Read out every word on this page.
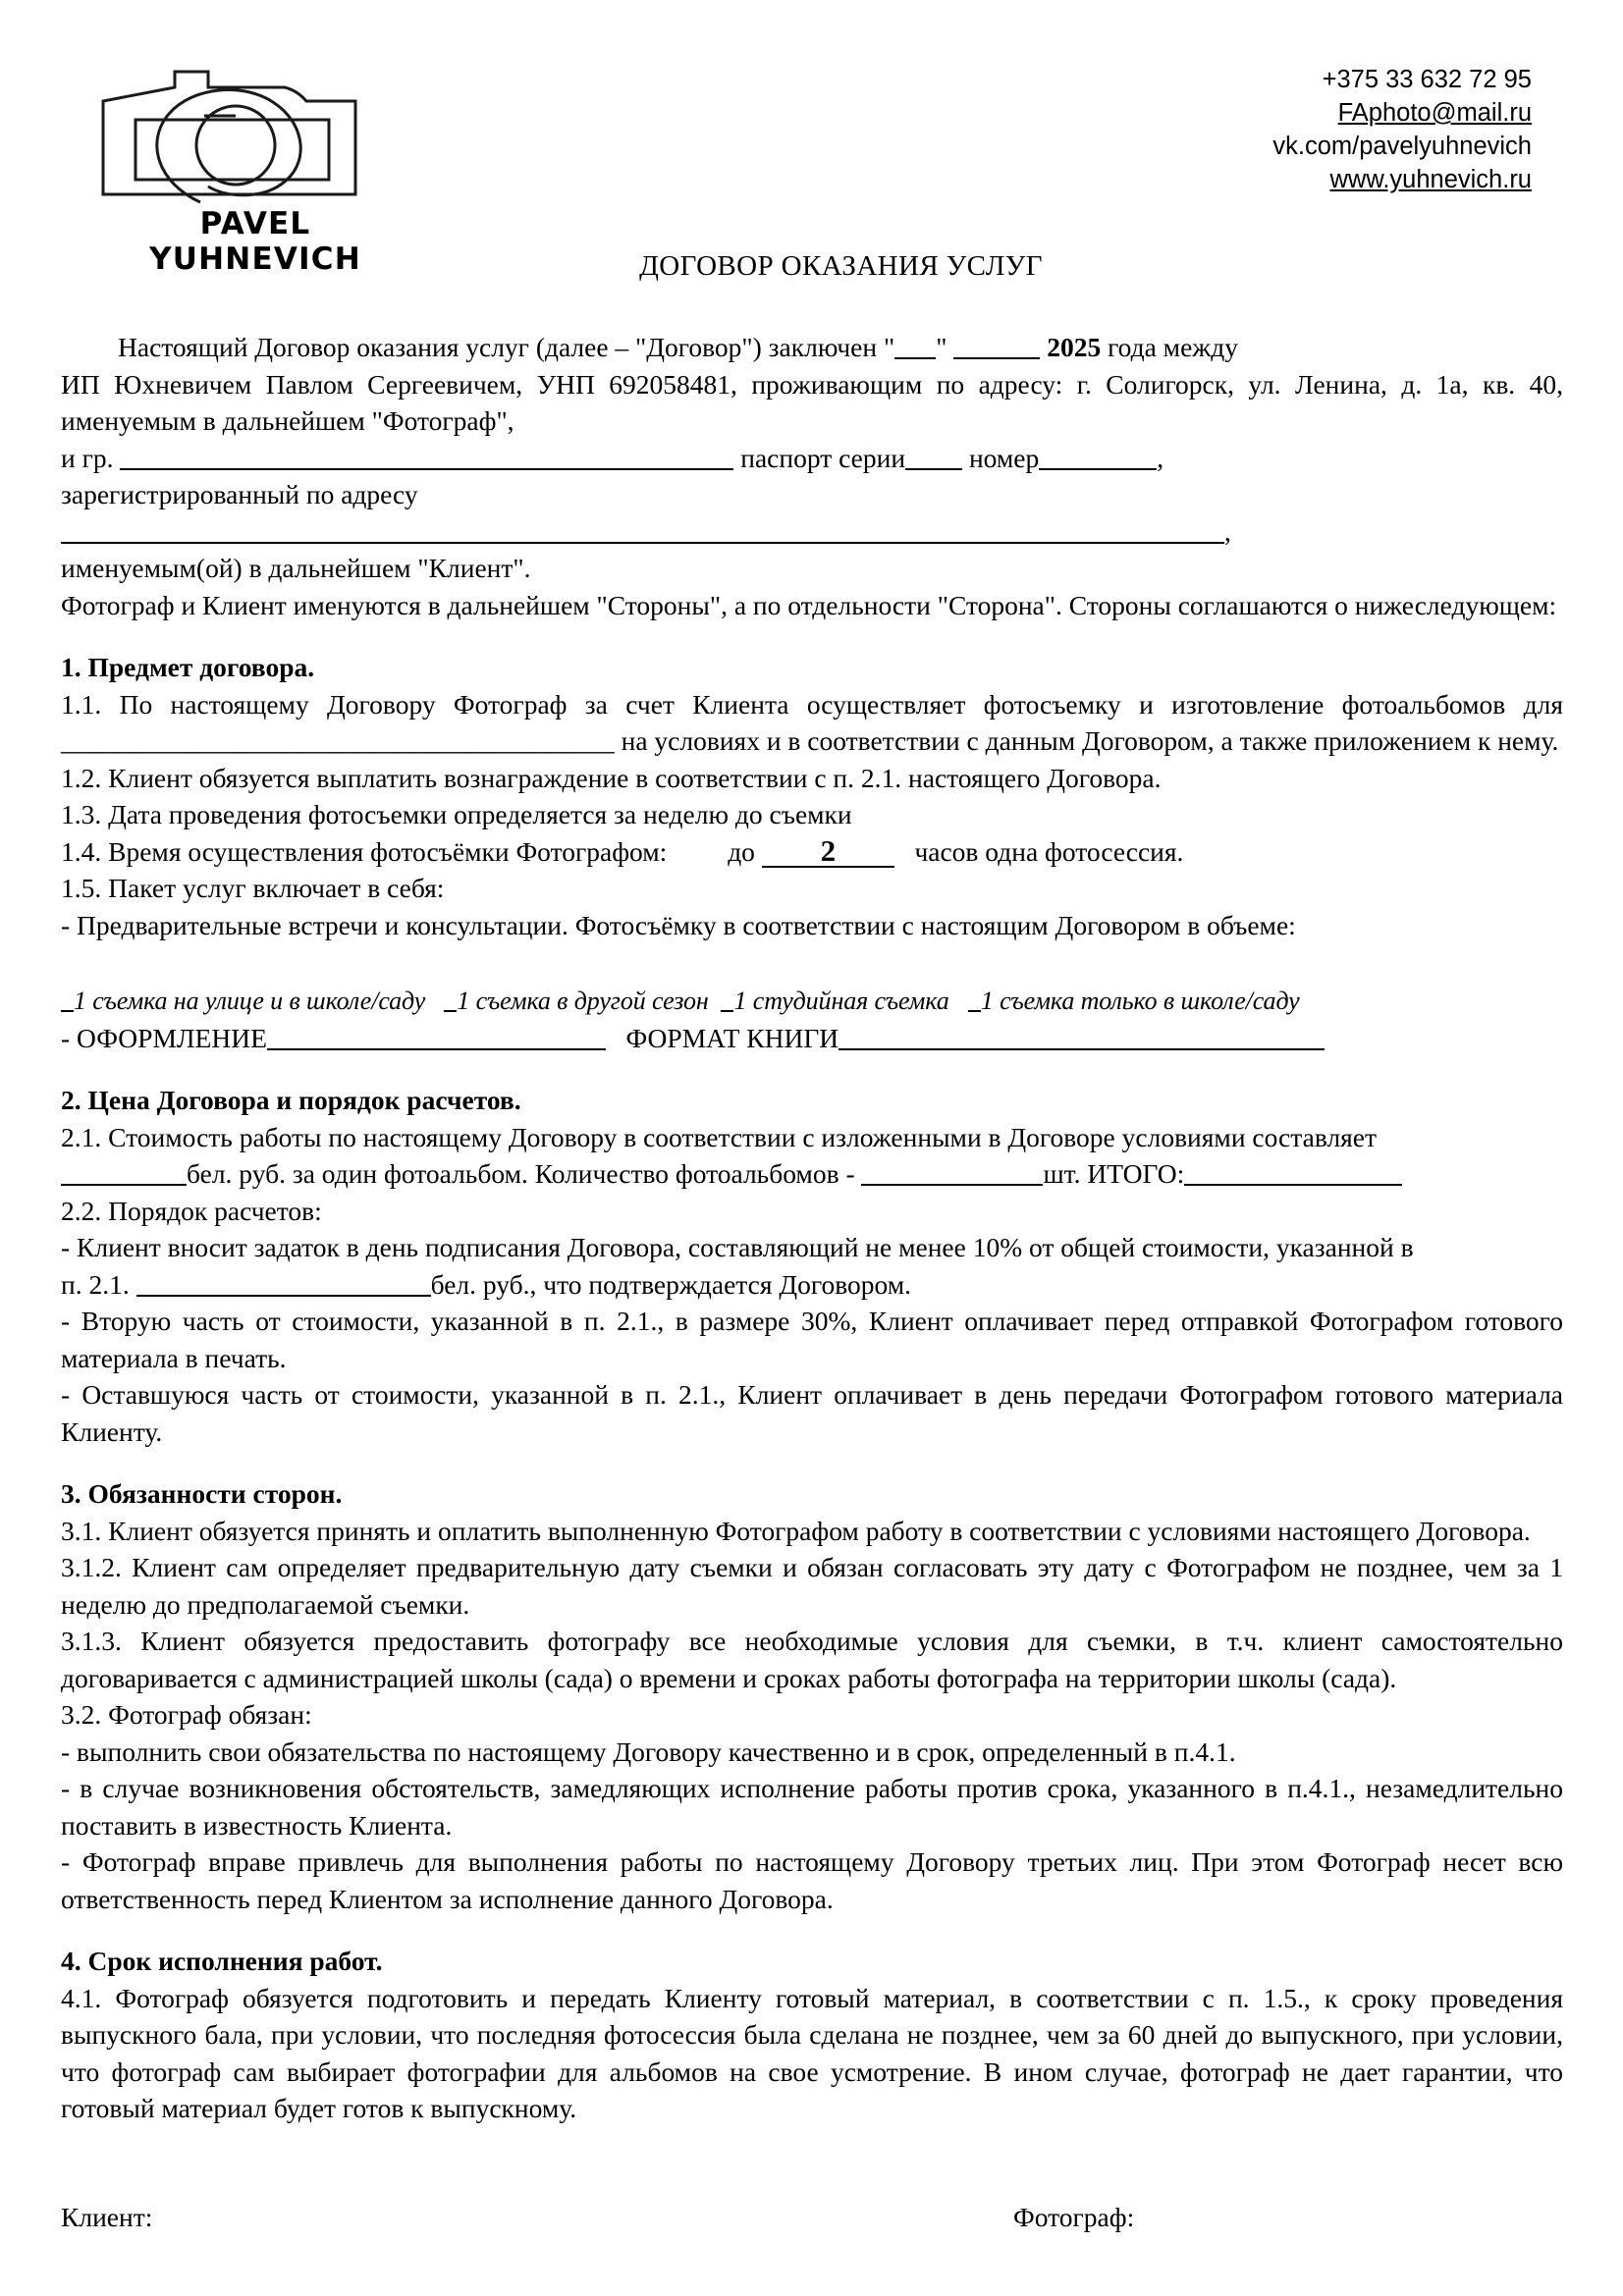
PAVEL YUHNEVICH
+375 33 632 72 95
FAphoto@mail.ru
vk.com/pavelyuhnevich
www.yuhnevich.ru
ДОГОВОР ОКАЗАНИЯ УСЛУГ

Настоящий Договор оказания услуг (далее – "Договор") заключен " "	2025 года между

ИП Юхневичем Павлом Сергеевичем, УНП 692058481, проживающим по адресу: г. Солигорск, ул. Ленина, д. 1а, кв. 40, именуемым в дальнейшем "Фотограф",

и гр.	паспорт серии номер	,

зарегистрированный по адресу,

именуемым(ой) в дальнейшем "Клиент".

Фотограф и Клиент именуются в дальнейшем "Стороны", а по отдельности "Сторона". Стороны соглашаются о нижеследующем:

1. Предмет договора.

1.1. По настоящему Договору Фотограф за счет Клиента осуществляет фотосъемку и изготовление фотоальбомов для _________________________________________ на условиях и в соответствии с данным Договором, а также приложением к нему.

1.2. Клиент обязуется выплатить вознаграждение в соответствии с п. 2.1. настоящего Договора.

1.3. Дата проведения фотосъемки определяется за неделю до съемки

1.4. Время осуществления фотосъёмки Фотографом: до 2	часов одна фотосессия.

1.5. Пакет услуг включает в себя:

- Предварительные встречи и консультации. Фотосъёмку в соответствии с настоящим Договором в объеме:

1 съемка на улице и в школе/саду 1 съемка в другой сезон 1 студийная съемка 1 съемка только в школе/саду

- ОФОРМЛЕНИЕ	ФОРМАТ КНИГИ

2. Цена Договора и порядок расчетов.

2.1. Стоимость работы по настоящему Договору в соответствии с изложенными в Договоре условиями составляет

бел. руб. за один фотоальбом. Количество фотоальбомов -	шт. ИТОГО:

2.2. Порядок расчетов:

- Клиент вносит задаток в день подписания Договора, составляющий не менее 10% от общей стоимости, указанной в

п. 2.1.	бел. руб., что подтверждается Договором.

- Вторую часть от стоимости, указанной в п. 2.1., в размере 30%, Клиент оплачивает перед отправкой Фотографом готового материала в печать.

- Оставшуюся часть от стоимости, указанной в п. 2.1., Клиент оплачивает в день передачи Фотографом готового материала Клиенту.

3. Обязанности сторон.

3.1. Клиент обязуется принять и оплатить выполненную Фотографом работу в соответствии с условиями настоящего Договора.

3.1.2. Клиент сам определяет предварительную дату съемки и обязан согласовать эту дату с Фотографом не позднее, чем за 1 неделю до предполагаемой съемки.

3.1.3. Клиент обязуется предоставить фотографу все необходимые условия для съемки, в т.ч. клиент самостоятельно договаривается с администрацией школы (сада) о времени и сроках работы фотографа на территории школы (сада).

3.2. Фотограф обязан:

- выполнить свои обязательства по настоящему Договору качественно и в срок, определенный в п.4.1.

- в случае возникновения обстоятельств, замедляющих исполнение работы против срока, указанного в п.4.1., незамедлительно поставить в известность Клиента.

- Фотограф вправе привлечь для выполнения работы по настоящему Договору третьих лиц. При этом Фотограф несет всю ответственность перед Клиентом за исполнение данного Договора.

4. Срок исполнения работ.

4.1. Фотограф обязуется подготовить и передать Клиенту готовый материал, в соответствии с п. 1.5., к сроку проведения выпускного бала, при условии, что последняя фотосессия была сделана не позднее, чем за 60 дней до выпускного, при условии, что фотограф сам выбирает фотографии для альбомов на свое усмотрение. В ином случае, фотограф не дает гарантии, что готовый материал будет готов к выпускному.

Клиент:	Фотограф:
